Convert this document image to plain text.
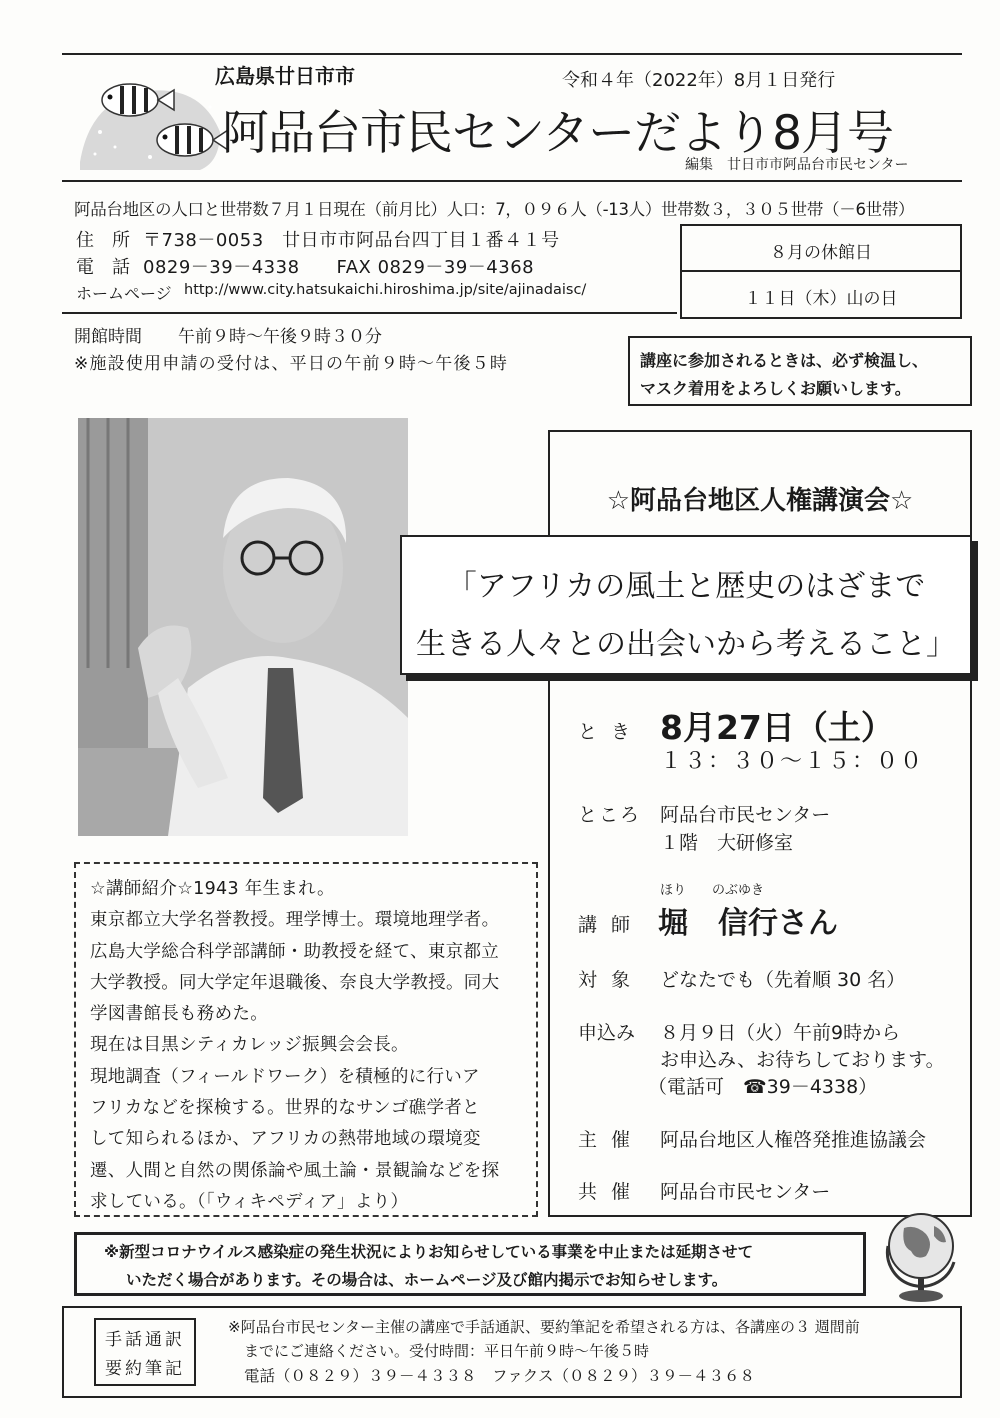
広島県廿日市市	令和４年（2022年）8月１日発行
阿品台市民センターだより8月号
編集　廿日市市阿品台市民センター
阿品台地区の人口と世帯数７月１日現在（前月比）人口：7，０９６人（-13人）世帯数３，３０５世帯（－6世帯）
住　所 〒738－0053　廿日市市阿品台四丁目１番４１号
電　話 0829－39－4338　　FAX 0829－39－4368
ホームページ http://www.city.hatsukaichi.hiroshima.jp/site/ajinadaisc/
開館時間 午前９時～午後９時３０分
※施設使用申請の受付は、平日の午前９時～午後５時
８月の休館日
１１日（木）山の日
講座に参加されるときは、必ず検温し、
マスク着用をよろしくお願いします。

☆講師紹介☆1943 年生まれ。

東京都立大学名誉教授。理学博士。環境地理学者。

広島大学総合科学部講師・助教授を経て、東京都立

大学教授。同大学定年退職後、奈良大学教授。同大

学図書館長も務めた。

現在は目黒シティカレッジ振興会会長。

現地調査（フィールドワーク）を積極的に行いア

フリカなどを探検する。世界的なサンゴ礁学者と

して知られるほか、アフリカの熱帯地域の環境変

遷、人間と自然の関係論や風土論・景観論などを探

求している。（「ウィキペディア」より）

☆阿品台地区人権講演会☆

「アフリカの風土と歴史のはざまで

生きる人々との出会いから考えること」

とき 8月27日（土）
１３：３０～１５：００
ところ 阿品台市民センター
１階　大研修室
ほり　　のぶゆき
講師 堀　信行さん
対象 どなたでも（先着順 30 名）
申込み ８月９日（火）午前9時から
お申込み、お待ちしております。
（電話可　☎39－4338）
主催 阿品台地区人権啓発推進協議会
共催 阿品台市民センター
※新型コロナウイルス感染症の発生状況によりお知らせしている事業を中止または延期させて
いただく場合があります。その場合は、ホームページ及び館内掲示でお知らせします。
手話通訳
要約筆記
※阿品台市民センター主催の講座で手話通訳、要約筆記を希望される方は、各講座の３ 週間前
までにご連絡ください。受付時間：平日午前９時～午後５時
電話（０８２９）３９－４３３８　ファクス（０８２９）３９－４３６８
